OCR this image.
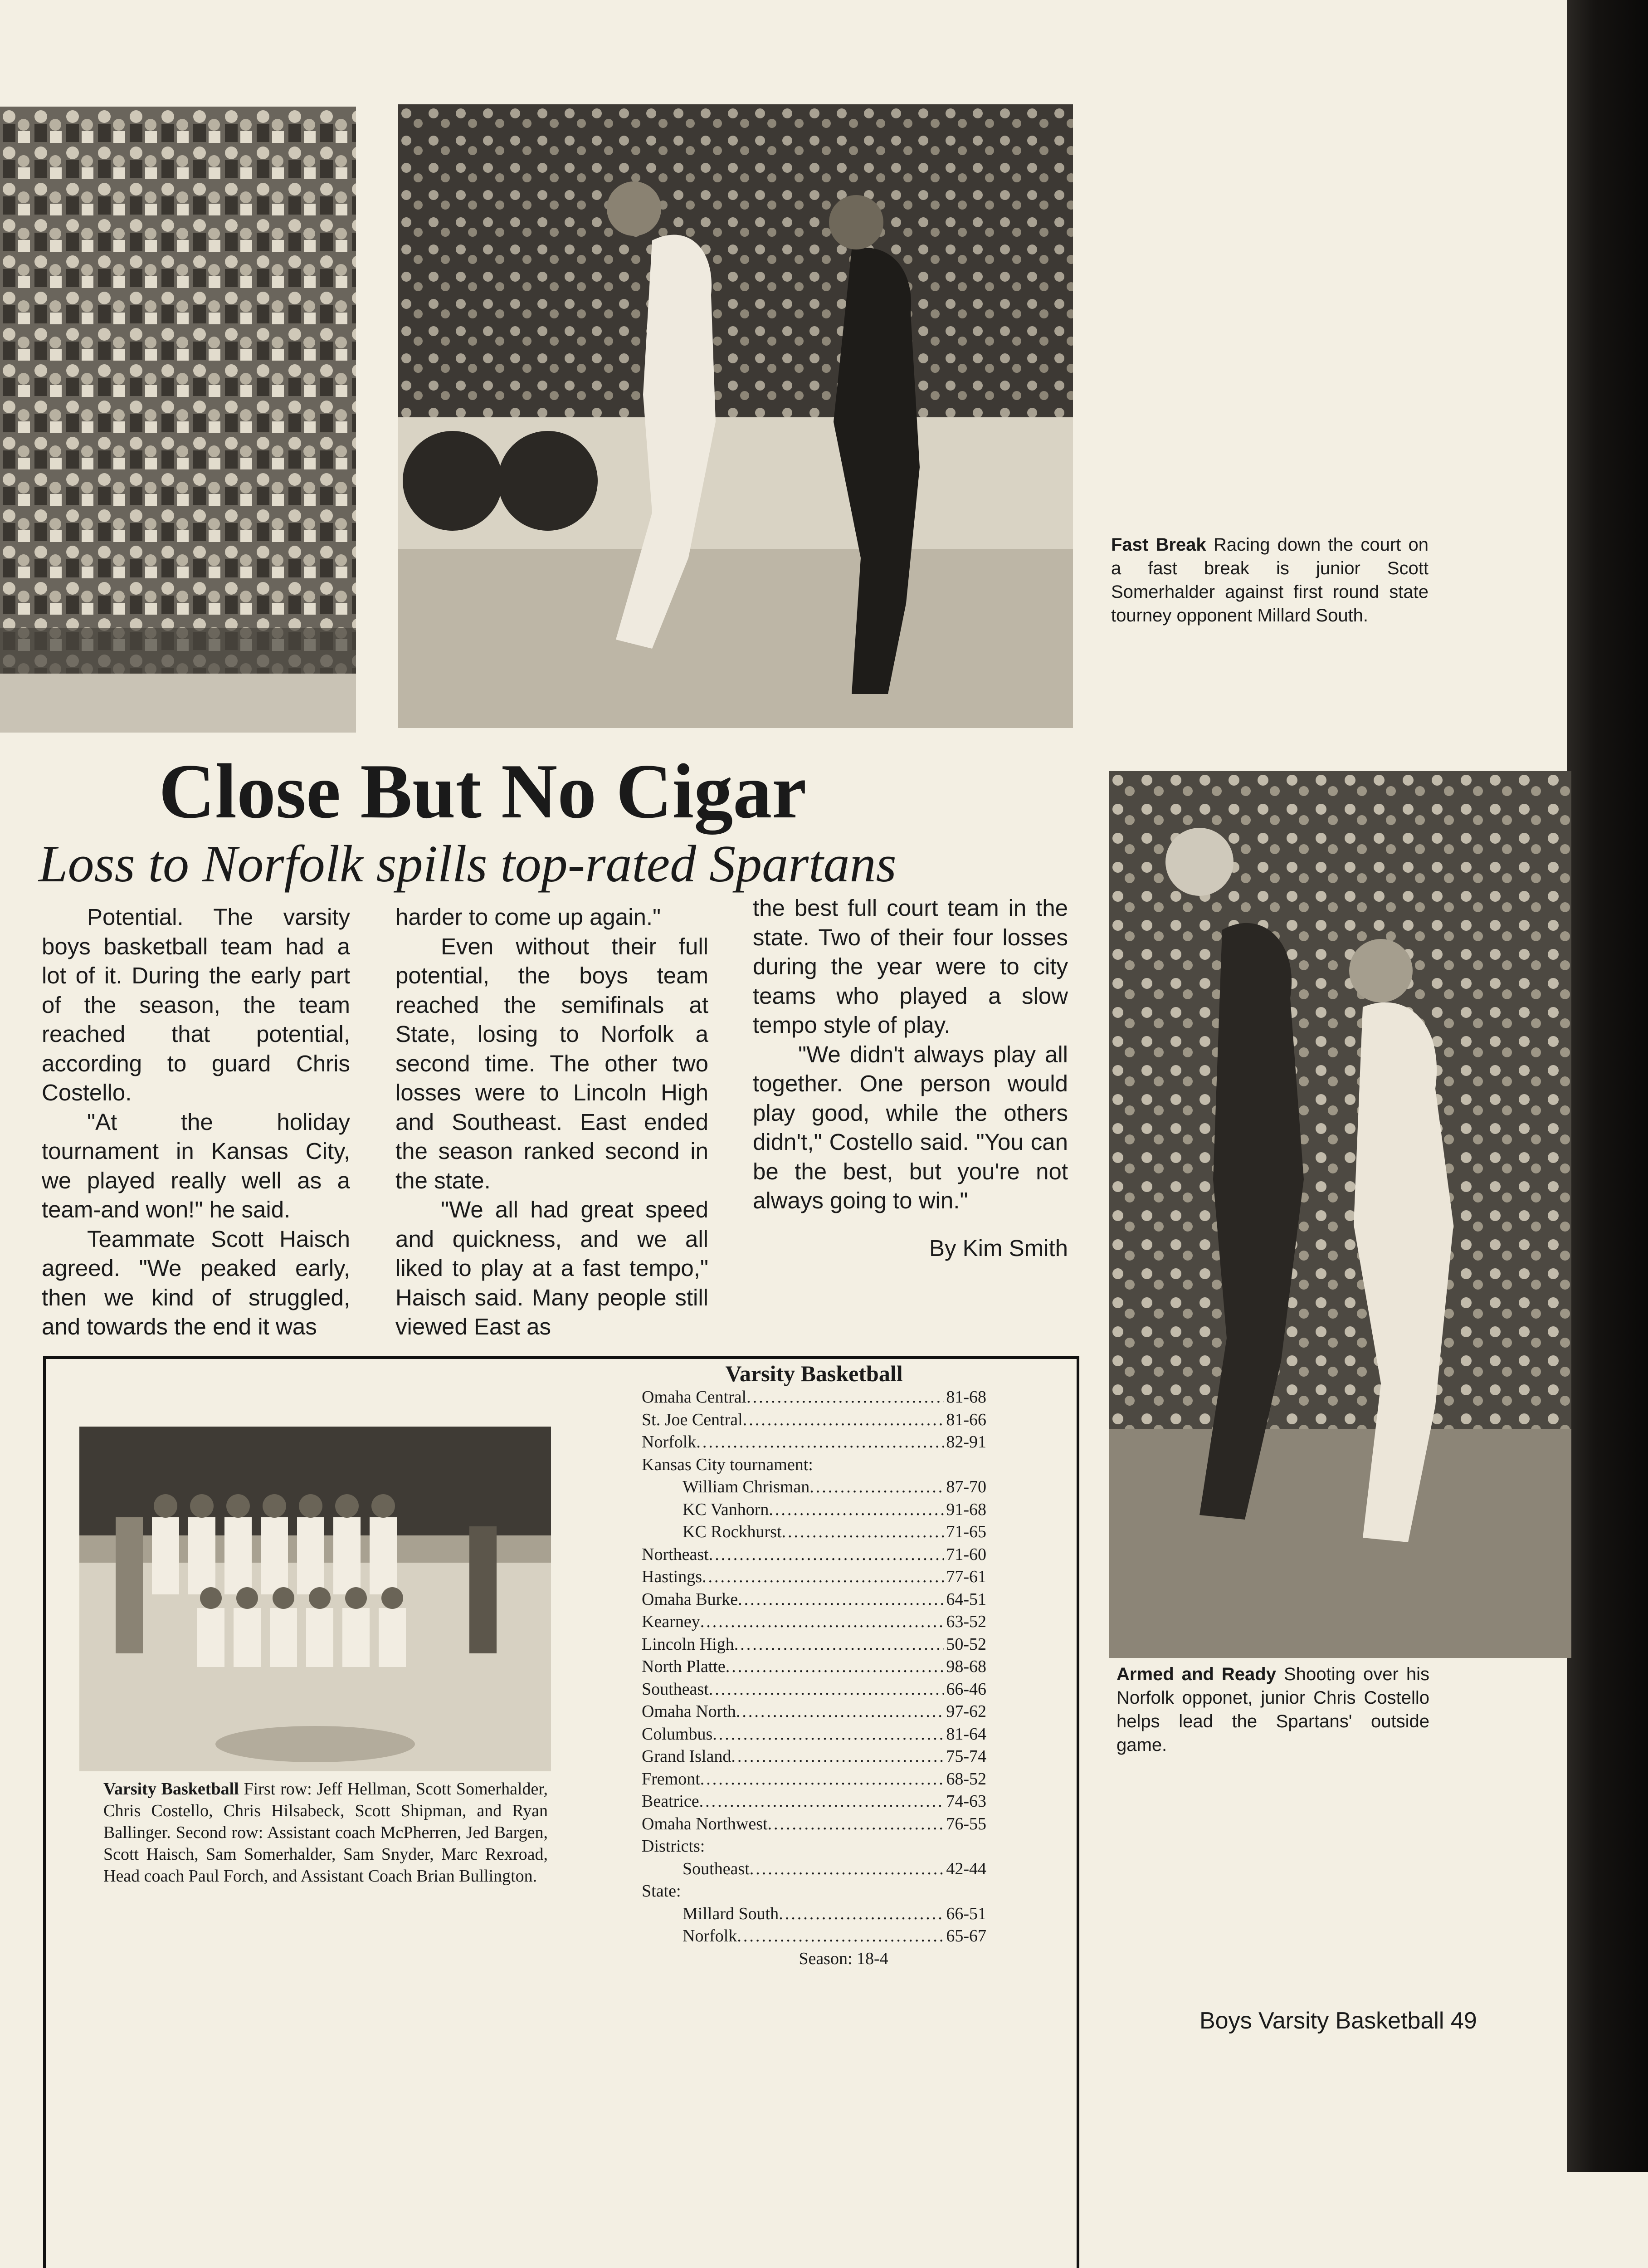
Fast Break Racing down the court on a fast break is junior Scott Somerhalder against first round state tourney opponent Millard South.
Armed and Ready Shooting over his Norfolk opponet, junior Chris Costello helps lead the Spartans' outside game.
Close But No Cigar
Loss to Norfolk spills top-rated Spartans

Potential. The varsity boys basketball team had a lot of it. During the early part of the season, the team reached that potential, according to guard Chris Costello.

"At the holiday tournament in Kansas City, we played really well as a team-and won!" he said.

Teammate Scott Haisch agreed. "We peaked early, then we kind of struggled, and towards the end it was

harder to come up again."

Even without their full potential, the boys team reached the semifinals at State, losing to Norfolk a second time. The other two losses were to Lincoln High and Southeast. East ended the season ranked second in the state.

"We all had great speed and quickness, and we all liked to play at a fast tempo," Haisch said. Many people still viewed East as

the best full court team in the state. Two of their four losses during the year were to city teams who played a slow tempo style of play.

"We didn't always play all together. One person would play good, while the others didn't," Costello said. "You can be the best, but you're not always going to win."

By Kim Smith

Varsity Basketball First row: Jeff Hellman, Scott Somerhalder, Chris Costello, Chris Hilsabeck, Scott Shipman, and Ryan Ballinger. Second row: Assistant coach McPherren, Jed Bargen, Scott Haisch, Sam Somerhalder, Sam Snyder, Marc Rexroad, Head coach Paul Forch, and Assistant Coach Brian Bullington.
Varsity Basketball
Omaha Central .....	81-68
St. Joe Central .....	81-66
Norfolk .....	82-91
Kansas City tournament:
William Chrisman .....	87-70
KC Vanhorn .....	91-68
KC Rockhurst .....	71-65
Northeast .....	71-60
Hastings .....	77-61
Omaha Burke .....	64-51
Kearney .....	63-52
Lincoln High .....	50-52
North Platte .....	98-68
Southeast .....	66-46
Omaha North .....	97-62
Columbus .....	81-64
Grand Island .....	75-74
Fremont .....	68-52
Beatrice .....	74-63
Omaha Northwest .....	76-55
Districts:
Southeast .....	42-44
State:
Millard South .....	66-51
Norfolk .....	65-67
Season: 18-4
Boys Varsity Basketball 49
